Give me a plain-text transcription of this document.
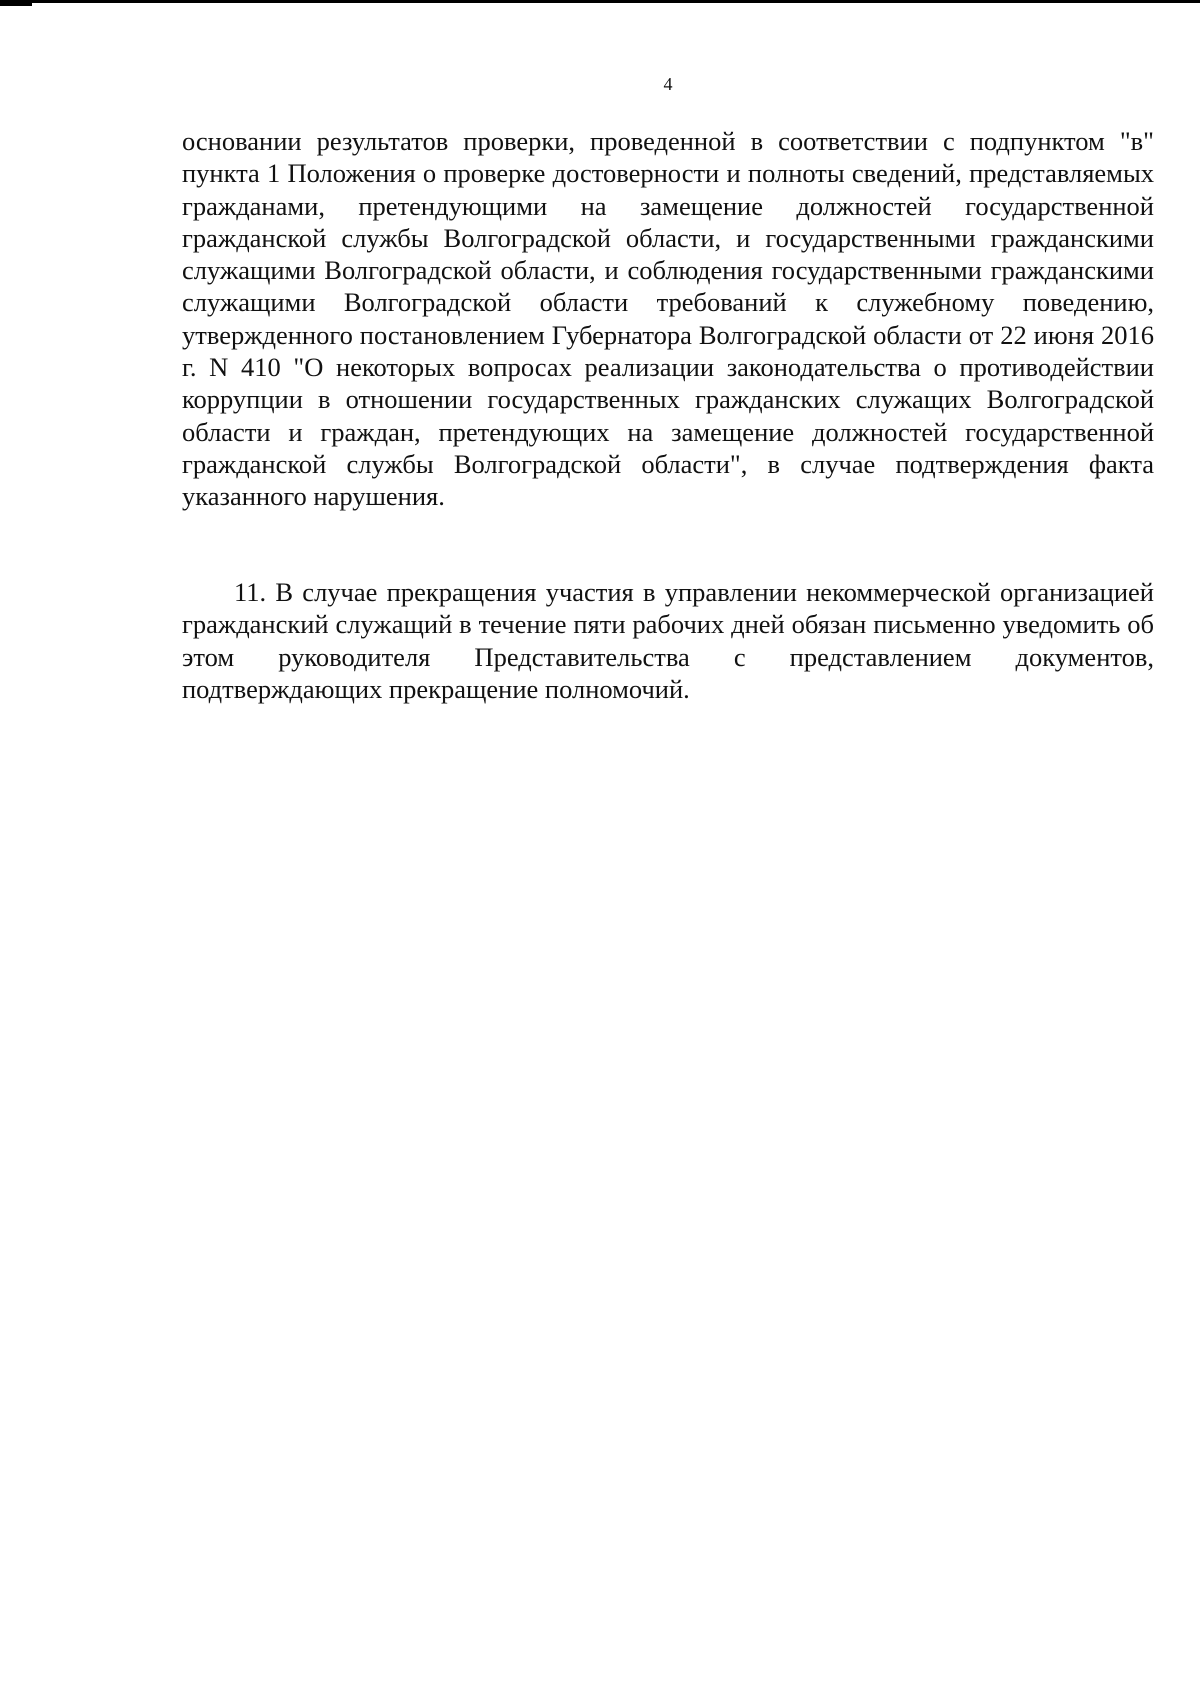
4

основании результатов проверки, проведенной в соответствии с подпунктом "в" пункта 1 Положения о проверке достоверности и полноты сведений, представляемых гражданами, претендующими на замещение должностей государственной гражданской службы Волгоградской области, и государственными гражданскими служащими Волгоградской области, и соблюдения государственными гражданскими служащими Волгоградской области требований к служебному поведению, утвержденного постановлением Губернатора Волгоградской области от 22 июня 2016 г. N 410 "О некоторых вопросах реализации законодательства о противодействии коррупции в отношении государственных гражданских служащих Волгоградской области и граждан, претендующих на замещение должностей государственной гражданской службы Волгоградской области", в случае подтверждения факта указанного нарушения.

11. В случае прекращения участия в управлении некоммерческой организацией гражданский служащий в течение пяти рабочих дней обязан письменно уведомить об этом руководителя Представительства с представлением документов, подтверждающих прекращение полномочий.
